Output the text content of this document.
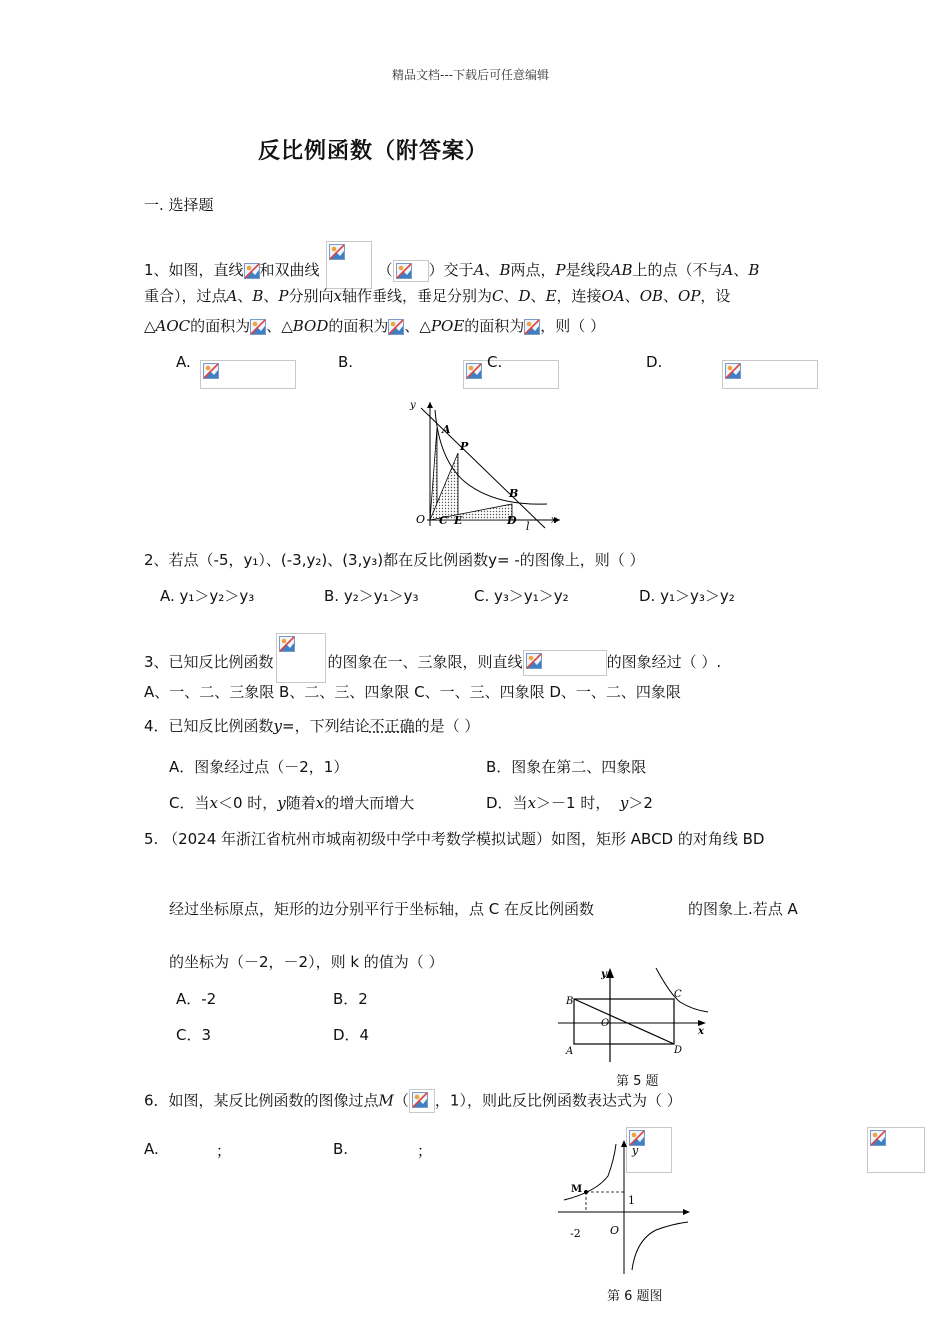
精品文档---下载后可任意编辑
反比例函数（附答案）
一. 选择题
1、如图，直线 和双曲线	（ ）交于A、B两点，P是线段AB上的点（不与A、B
重合），过点A、B、P分别向x轴作垂线，垂足分别为C、D、E，连接OA、OB、OP，设
△AOC的面积为 、△BOD的面积为 、△POE的面积为 ，则（ ）
A.
	B.
	C.
	D.

y
x
O
A
P
B
C E	D l
2、若点（-5，y₁）、(-3,y₂)、(3,y₃)都在反比例函数y= -的图像上，则（ ）
A. y₁＞y₂＞y₃	B. y₂＞y₁＞y₃	C. y₃＞y₁＞y₂	D. y₁＞y₃＞y₂
3、已知反比例函数	的图象在一、三象限，则直线	的图象经过（ ）.
A、一、二、三象限 B、二、三、四象限 C、一、三、四象限 D、一、二、四象限
4．已知反比例函数y=，下列结论不正确的是（ ）
A．图象经过点（－2，1）	B．图象在第二、四象限
C．当x＜0 时，y随着x的增大而增大	D．当x＞－1 时， y＞2
5. （2024 年浙江省杭州市城南初级中学中考数学模拟试题）如图，矩形 ABCD 的对角线 BD
经过坐标原点，矩形的边分别平行于坐标轴，点 C 在反比例函数
	的图象上.若点 A
的坐标为（－2，－2），则 k 的值为（ ）
A．-2	B．2
C．3	D．4
B
C
O
A	D
y
x
第 5 题
6．如图，某反比例函数的图像过点M（ ，1），则此反比例函数表达式为（ ）
A.
	；	B.	；
M
1
-2	O
y
第 6 题图
